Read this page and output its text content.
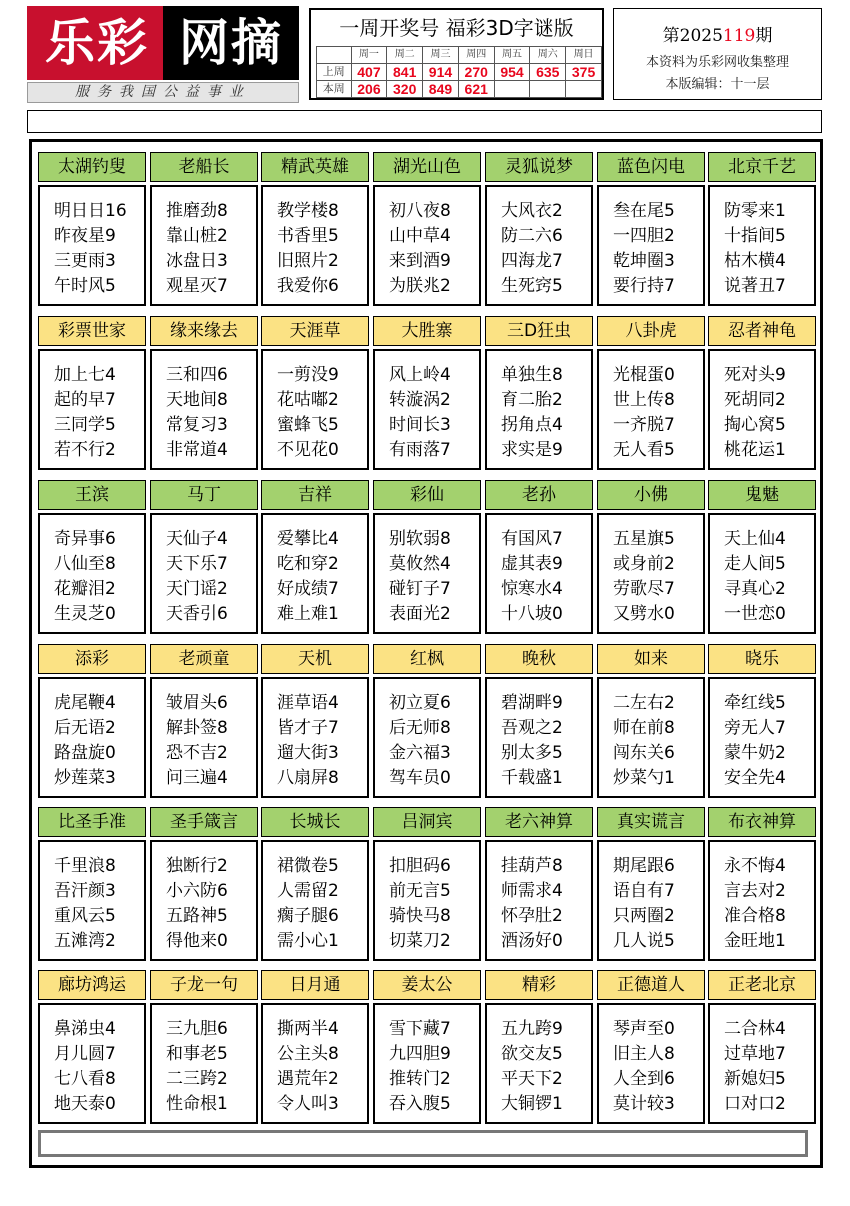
乐彩 网摘
服务我国公益事业
一周开奖号 福彩3D字谜版
	周一	周二	周三	周四	周五	周六	周日
上周	407	841	914	270	954	635	375
本周	206	320	849	621			
第2025119期
本资料为乐彩网收集整理
本版编辑：十一层
太湖钓叟
明日日16
昨夜星9
三更雨3
午时风5
老船长
推磨劲8
靠山桩2
冰盘日3
观星灭7
精武英雄
教学楼8
书香里5
旧照片2
我爱你6
湖光山色
初八夜8
山中草4
来到酒9
为朕兆2
灵狐说梦
大风衣2
防二六6
四海龙7
生死窍5
蓝色闪电
叁在尾5
一四胆2
乾坤圈3
要行持7
北京千艺
防零来1
十指间5
枯木横4
说著丑7
彩票世家
加上七4
起的早7
三同学5
若不行2
缘来缘去
三和四6
天地间8
常复习3
非常道4
天涯草
一剪没9
花咕嘟2
蜜蜂飞5
不见花0
大胜寨
风上岭4
转漩涡2
时间长3
有雨落7
三D狂虫
单独生8
育二胎2
拐角点4
求实是9
八卦虎
光棍蛋0
世上传8
一齐脱7
无人看5
忍者神龟
死对头9
死胡同2
掏心窝5
桃花运1
王滨
奇异事6
八仙至8
花瓣泪2
生灵芝0
马丁
天仙子4
天下乐7
天门谣2
天香引6
吉祥
爱攀比4
吃和穿2
好成绩7
难上难1
彩仙
别软弱8
莫攸然4
碰钉子7
表面光2
老孙
有国风7
虚其表9
惊寒水4
十八坡0
小佛
五星旗5
或身前2
劳歌尽7
又劈水0
鬼魅
天上仙4
走人间5
寻真心2
一世恋0
添彩
虎尾鞭4
后无语2
路盘旋0
炒莲菜3
老顽童
皱眉头6
解卦签8
恐不吉2
问三遍4
天机
涯草语4
皆才子7
遛大街3
八扇屏8
红枫
初立夏6
后无师8
金六福3
驾车员0
晚秋
碧湖畔9
吾观之2
别太多5
千载盛1
如来
二左右2
师在前8
闯东关6
炒菜勺1
晓乐
牵红线5
旁无人7
蒙牛奶2
安全先4
比圣手准
千里浪8
吾汗颜3
重风云5
五滩湾2
圣手箴言
独断行2
小六防6
五路神5
得他来0
长城长
裙微卷5
人需留2
瘸子腿6
需小心1
吕洞宾
扣胆码6
前无言5
骑快马8
切菜刀2
老六神算
挂葫芦8
师需求4
怀孕肚2
酒汤好0
真实谎言
期尾跟6
语自有7
只两圈2
几人说5
布衣神算
永不悔4
言去对2
准合格8
金旺地1
廊坊鸿运
鼻涕虫4
月儿圆7
七八看8
地天泰0
子龙一句
三九胆6
和事老5
二三跨2
性命根1
日月通
撕两半4
公主头8
遇荒年2
令人叫3
姜太公
雪下藏7
九四胆9
推转门2
吞入腹5
精彩
五九跨9
欲交友5
平天下2
大铜锣1
正德道人
琴声至0
旧主人8
人全到6
莫计较3
正老北京
二合林4
过草地7
新媳妇5
口对口2
